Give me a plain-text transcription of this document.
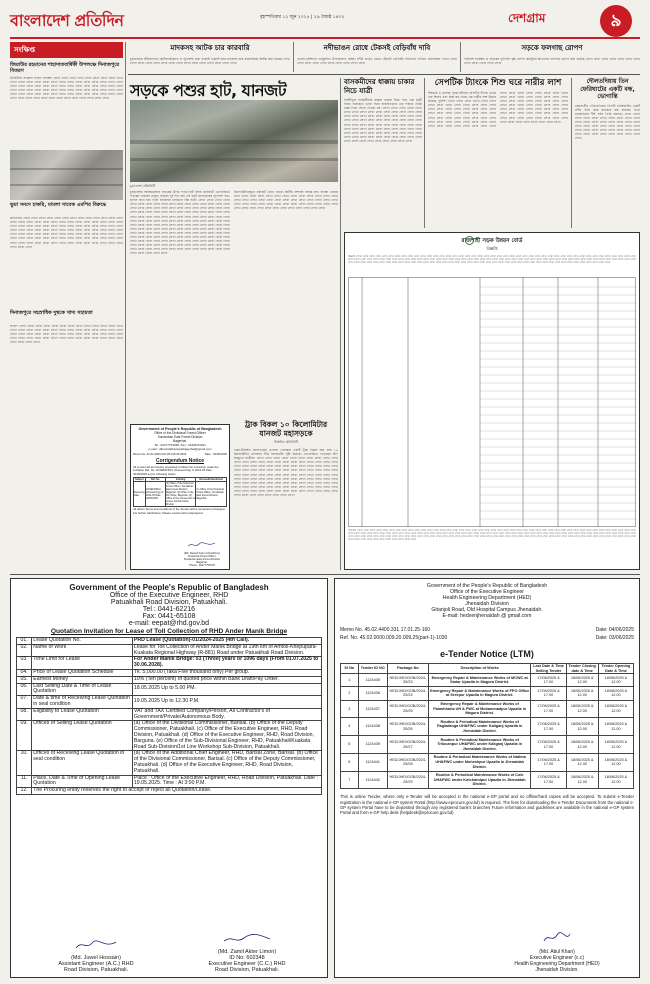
বাংলাদেশ প্রতিদিন	বৃহস্পতিবার ১২ জুন ২০২৫ | ২৯ জ্যৈষ্ঠ ১৪৩২	দেশগ্রাম	৯
সংক্ষিপ্ত
জিয়াউর রহমানের শাহাদাতবার্ষিকী উপলক্ষে দিনাজপুরে বিতরণ
ডিজিটাল সংস্করণ সংবাদ সংক্ষেপ লেখা লেখা লেখা লেখা লেখা লেখা লেখা লেখা লেখা লেখা লেখা লেখা লেখা লেখা লেখা লেখা লেখা লেখা লেখা লেখা লেখা লেখা লেখা লেখা লেখা লেখা লেখা লেখা লেখা লেখা লেখা লেখা লেখা লেখা লেখা লেখা লেখা লেখা লেখা লেখা লেখা লেখা লেখা লেখা লেখা লেখা লেখা লেখা লেখা লেখা লেখা লেখা লেখা লেখা লেখা লেখা লেখা লেখা লেখা লেখা লেখা লেখা লেখা লেখা লেখা লেখা লেখা লেখা লেখা লেখা লেখা লেখা লেখা লেখা লেখা লেখা লেখা লেখা
ভুয়া সনদে চাকরি, মামলা সাবেক এমপির বিরুদ্ধে
প্রতিবেদন লেখা লেখা লেখা লেখা লেখা লেখা লেখা লেখা লেখা লেখা লেখা লেখা লেখা লেখা লেখা লেখা লেখা লেখা লেখা লেখা লেখা লেখা লেখা লেখা লেখা লেখা লেখা লেখা লেখা লেখা লেখা লেখা লেখা লেখা লেখা লেখা লেখা লেখা লেখা লেখা লেখা লেখা লেখা লেখা লেখা লেখা লেখা লেখা লেখা লেখা লেখা লেখা লেখা লেখা লেখা লেখা লেখা লেখা লেখা লেখা লেখা লেখা লেখা লেখা লেখা লেখা লেখা লেখা লেখা লেখা লেখা লেখা লেখা লেখা লেখা লেখা লেখা লেখা লেখা লেখা লেখা লেখা লেখা লেখা লেখা লেখা লেখা লেখা লেখা লেখা লেখা লেখা লেখা লেখা লেখা লেখা লেখা লেখা লেখা লেখা
দিনাজপুরে সহস্রাধিক দুস্থকে খাদ্য সহায়তা
সংবাদ লেখা লেখা লেখা লেখা লেখা লেখা লেখা লেখা লেখা লেখা লেখা লেখা লেখা লেখা লেখা লেখা লেখা লেখা লেখা লেখা লেখা লেখা লেখা লেখা লেখা লেখা লেখা লেখা লেখা লেখা লেখা লেখা লেখা লেখা লেখা লেখা লেখা লেখা লেখা লেখা লেখা লেখা লেখা লেখা লেখা লেখা লেখা লেখা লেখা লেখা লেখা লেখা লেখা লেখা লেখা লেখা লেখা লেখা লেখা
মাদকসহ আটক চার কারবারি
চুয়াডাঙ্গার জীবননগরে মোটরসাইকেলে ও পুলিশের চেক পয়েন্টে তল্লাশি করে মাদকসহ চার কারবারিকে আটক করা হয়েছে লেখা লেখা লেখা লেখা লেখা লেখা লেখা লেখা লেখা লেখা লেখা লেখা লেখা লেখা লেখা
নদীভাঙন রোধে টেকসই বেড়িবাঁধ দাবি
ভোলা-বরিশালে তজুমদ্দিন উপজেলার মেঘনা নদীর ভাঙন রোধে টেকসই বেড়িবাঁধ নির্মাণের দাবিতে মানববন্ধন লেখা লেখা লেখা লেখা লেখা লেখা লেখা লেখা লেখা লেখা লেখা
সড়কে ফলগাছ রোপণ
পরিবেশ সংরক্ষণ ও সড়কের দুইপাশে বৃক্ষ রোপণ কর্মসূচির আওতায় ফলগাছ রোপণ করা হয়েছে লেখা লেখা লেখা লেখা লেখা লেখা লেখা লেখা লেখা লেখা লেখা লেখা
সড়কে পশুর হাট, যানজট
চুয়াডাঙ্গা প্রতিনিধি
চুয়াডাঙ্গার আলমডাঙ্গায় সড়কের উপর পশুর হাট বসায় যানজটে ভোগান্তিতে পড়ছেন সাধারণ মানুষ। সপ্তাহে দুই দিন বসা এই হাটে মহাসড়কের দুইপাশে গরু-ছাগল রাখা হয়। ফলে যানবাহন চলাচলে বিঘ্ন ঘটে। লেখা লেখা লেখা লেখা লেখা লেখা লেখা লেখা লেখা লেখা লেখা লেখা লেখা লেখা লেখা লেখা লেখা লেখা লেখা লেখা লেখা লেখা লেখা লেখা লেখা লেখা লেখা লেখা লেখা লেখা লেখা লেখা লেখা লেখা লেখা লেখা লেখা লেখা লেখা লেখা লেখা লেখা লেখা লেখা লেখা লেখা লেখা লেখা লেখা লেখা লেখা লেখা লেখা লেখা লেখা লেখা লেখা লেখা লেখা লেখা লেখা লেখা লেখা লেখা লেখা লেখা লেখা লেখা লেখা লেখা লেখা লেখা লেখা লেখা লেখা লেখা লেখা লেখা লেখা লেখা লেখা লেখা লেখা লেখা লেখা লেখা লেখা লেখা লেখা লেখা লেখা লেখা লেখা লেখা লেখা লেখা লেখা লেখা লেখা লেখা লেখা লেখা লেখা লেখা লেখা লেখা লেখা লেখা লেখা লেখা লেখা লেখা লেখা লেখা লেখা লেখা লেখা লেখা লেখা লেখা লেখা লেখা লেখা লেখা লেখা লেখা লেখা লেখা লেখা লেখা লেখা লেখা লেখা লেখা লেখা লেখা লেখা লেখা লেখা লেখা লেখা লেখা লেখা লেখা লেখা লেখা লেখা লেখা লেখা লেখা লেখা লেখা লেখা লেখা লেখা লেখা লেখা লেখা লেখা লেখা লেখা লেখা লেখা লেখা লেখা
কিলোমিটারজুড়ে যানজট লেগে থাকে। স্থানীয় প্রশাসন বলছে দ্রুত ব্যবস্থা নেওয়া হবে। লেখা লেখা লেখা লেখা লেখা লেখা লেখা লেখা লেখা লেখা লেখা লেখা লেখা লেখা লেখা লেখা লেখা লেখা লেখা লেখা লেখা লেখা লেখা লেখা লেখা লেখা লেখা লেখা লেখা লেখা লেখা লেখা লেখা লেখা লেখা লেখা লেখা লেখা লেখা লেখা লেখা লেখা লেখা লেখা লেখা লেখা লেখা লেখা লেখা লেখা
ট্রাক বিকল ১০ কিলোমিটার যানজট মহাসড়কে
টাঙ্গাইল প্রতিনিধি
ঢাকা-টাঙ্গাইল মহাসড়কের এলেঙ্গা এলাকায় একটি ট্রাক বিকল হয়ে প্রায় ১০ কিলোমিটার এলাকায় তীব্র যানজটের সৃষ্টি হয়েছে। ভোগান্তিতে পড়েছেন ঈদে ঘরমুখো যাত্রীরা। লেখা লেখা লেখা লেখা লেখা লেখা লেখা লেখা লেখা লেখা লেখা লেখা লেখা লেখা লেখা লেখা লেখা লেখা লেখা লেখা লেখা লেখা লেখা লেখা লেখা লেখা লেখা লেখা লেখা লেখা লেখা লেখা লেখা লেখা লেখা লেখা লেখা লেখা লেখা লেখা লেখা লেখা লেখা লেখা লেখা লেখা লেখা লেখা লেখা লেখা লেখা লেখা লেখা লেখা লেখা লেখা লেখা লেখা লেখা লেখা লেখা লেখা লেখা লেখা লেখা লেখা লেখা লেখা লেখা লেখা লেখা লেখা লেখা লেখা লেখা লেখা লেখা লেখা লেখা লেখা লেখা লেখা লেখা লেখা লেখা লেখা লেখা লেখা লেখা লেখা লেখা লেখা লেখা লেখা লেখা লেখা লেখা লেখা লেখা লেখা লেখা লেখা লেখা লেখা লেখা লেখা লেখা লেখা লেখা লেখা লেখা লেখা লেখা লেখা লেখা লেখা লেখা লেখা লেখা লেখা লেখা লেখা
Government of People's Republic of Bangladesh
Office of the Divisional Forest Officer
Sundarban East Forest Division
Bagerhat.
Tel : 02477751538, Fax : 04468-63231
e-mail : dfosundarbaneastbagerhat@gmail.com
Memo No: 22.01.0000.031.05.016.25.2603	Date : 04/06/2025
Corrigendum Notice
All concerned are hereby requested to follow the correction made the invitation Ref. No. 22/SEFD/RLV (Outsourcing) of 2024-25 Date : 03/06/2025 as per following status.
Subject	Ref. No.	Existing	Revised/Amendment
Recieving Date	22/SEFD/RLV (Outsourcing) of 2024-25 Date : 03/06/2025	(1) Office of the Divisional Forest Officer, Sundarban East Forest Division, Bagerhat. (2) Office of the DC Office, Bagerhat. (3) Office of the Conservator of Forest, Khulna Circle, Khulna.	(1) Office of the Divisional Forest Officer, Sundarban East Forest Division, Bagerhat.
All others Terms and conditions of the Tender will be remained unchanged. For further clarification, Please contact with undersigned.
(Md. Rezaul Karim Chowdhury)
Divisional Forest Officer
Sundarban East Forest Division
Bagerhat.
Phone : 02477751578
বাসকমীদের ধাক্কায় চাকার নিচে যাত্রী
গাজীপুরে বাসকর্মীদের ধাক্কায় চাকার নিচে পড়ে এক যাত্রী নিহত হয়েছেন। ভাড়া নিয়ে বাকবিতণ্ডার এক পর্যায়ে তাঁকে ধাক্কা দিয়ে ফেলে দেওয়া হয়। লেখা লেখা লেখা লেখা লেখা লেখা লেখা লেখা লেখা লেখা লেখা লেখা লেখা লেখা লেখা লেখা লেখা লেখা লেখা লেখা লেখা লেখা লেখা লেখা লেখা লেখা লেখা লেখা লেখা লেখা লেখা লেখা লেখা লেখা লেখা লেখা লেখা লেখা লেখা লেখা লেখা লেখা লেখা লেখা লেখা লেখা লেখা লেখা লেখা লেখা লেখা লেখা লেখা লেখা লেখা লেখা লেখা লেখা লেখা লেখা লেখা লেখা লেখা লেখা লেখা লেখা লেখা লেখা লেখা লেখা লেখা লেখা লেখা লেখা লেখা লেখা লেখা লেখা লেখা লেখা লেখা লেখা লেখা লেখা
সেপটিক ট্যাংকে শিশু ঘরে নারীর লাশ
শিবচরে ও ভাঙ্গায় পৃথক ঘটনায় সেপটিক ট্যাংক থেকে এক শিশুর এবং নিজ ঘর থেকে এক নারীর লাশ উদ্ধার করেছে পুলিশ। লেখা লেখা লেখা লেখা লেখা লেখা লেখা লেখা লেখা লেখা লেখা লেখা লেখা লেখা লেখা লেখা লেখা লেখা লেখা লেখা লেখা লেখা লেখা লেখা লেখা লেখা লেখা লেখা লেখা লেখা লেখা লেখা লেখা লেখা লেখা লেখা লেখা লেখা লেখা লেখা লেখা লেখা লেখা লেখা লেখা লেখা লেখা লেখা লেখা লেখা লেখা লেখা লেখা লেখা লেখা লেখা লেখা লেখা লেখা লেখা লেখা লেখা লেখা লেখা লেখা লেখা লেখা লেখা লেখা লেখা লেখা লেখা লেখা লেখা লেখা লেখা লেখা লেখা লেখা লেখা লেখা লেখা লেখা লেখা লেখা লেখা লেখা লেখা লেখা লেখা লেখা লেখা লেখা লেখা লেখা লেখা লেখা লেখা লেখা লেখা লেখা লেখা লেখা লেখা লেখা লেখা লেখা লেখা লেখা লেখা লেখা লেখা লেখা লেখা লেখা লেখা লেখা লেখা
দৌলতদিয়ায় তিন ফেরিঘাটের একটি বন্ধ, ভোগান্তি
রাজবাড়ীর দৌলতদিয়ায় তিনটি ফেরিঘাটের একটি নদীর পানি কমে যাওয়ায় বন্ধ রয়েছে। ফলে যানবাহনের দীর্ঘ সারি তৈরি হয়েছে। লেখা লেখা লেখা লেখা লেখা লেখা লেখা লেখা লেখা লেখা লেখা লেখা লেখা লেখা লেখা লেখা লেখা লেখা লেখা লেখা লেখা লেখা লেখা লেখা লেখা লেখা লেখা লেখা লেখা লেখা লেখা লেখা লেখা লেখা লেখা লেখা লেখা লেখা লেখা লেখা লেখা লেখা লেখা
রাজশাহী সড়ক উন্নয়ন বোর্ড
বিজ্ঞপ্তি
বিজ্ঞপ্তি লেখা লেখা লেখা লেখা লেখা লেখা লেখা লেখা লেখা লেখা লেখা লেখা লেখা লেখা লেখা লেখা লেখা লেখা লেখা লেখা লেখা লেখা লেখা লেখা লেখা লেখা লেখা লেখা লেখা লেখা লেখা লেখা লেখা লেখা লেখা লেখা লেখা লেখা লেখা লেখা লেখা লেখা লেখা লেখা লেখা লেখা লেখা লেখা লেখা লেখা লেখা লেখা লেখা লেখা লেখা লেখা লেখা লেখা লেখা লেখা লেখা লেখা লেখা লেখা লেখা লেখা লেখা লেখা লেখা লেখা লেখা লেখা লেখা লেখা লেখা লেখা লেখা লেখা লেখা লেখা লেখা লেখা লেখা লেখা লেখা লেখা লেখা লেখা লেখা লেখা লেখা লেখা লেখা লেখা লেখা লেখা লেখা লেখা লেখা লেখা লেখা লেখা লেখা লেখা লেখা লেখা লেখা লেখা লেখা লেখা লেখা লেখা লেখা লেখা লেখা লেখা লেখা লেখা লেখা লেখা লেখা লেখা লেখা লেখা লেখা লেখা লেখা লেখা লেখা লেখা লেখা লেখা
শর্তাবলি লেখা লেখা লেখা লেখা লেখা লেখা লেখা লেখা লেখা লেখা লেখা লেখা লেখা লেখা লেখা লেখা লেখা লেখা লেখা লেখা লেখা লেখা লেখা লেখা লেখা লেখা লেখা লেখা লেখা লেখা লেখা লেখা লেখা লেখা লেখা লেখা লেখা লেখা লেখা লেখা লেখা লেখা লেখা লেখা লেখা লেখা লেখা লেখা লেখা লেখা লেখা লেখা লেখা লেখা লেখা লেখা লেখা লেখা লেখা লেখা লেখা লেখা লেখা লেখা লেখা লেখা লেখা লেখা লেখা লেখা লেখা লেখা লেখা লেখা লেখা লেখা লেখা লেখা লেখা লেখা লেখা লেখা লেখা লেখা লেখা লেখা লেখা লেখা লেখা লেখা লেখা লেখা লেখা লেখা লেখা লেখা লেখা লেখা লেখা লেখা লেখা লেখা লেখা লেখা লেখা লেখা লেখা লেখা লেখা লেখা লেখা লেখা লেখা লেখা লেখা লেখা লেখা লেখা লেখা লেখা লেখা লেখা লেখা লেখা লেখা লেখা লেখা লেখা লেখা লেখা লেখা লেখা লেখা লেখা লেখা লেখা লেখা লেখা লেখা লেখা লেখা লেখা লেখা লেখা লেখা লেখা লেখা
Government of the People's Republic of Bangladesh
Office of the Executive Engineer, RHD
Patuakhali Road Division, Patuakhali.
Tel : 0441-62216
Fax: 0441-65108
e-mail: eepat@rhd.gov.bd
Quotation Invitation for Lease of Toll Collection of RHD Ander Manik Bridge
01.	Lease Quotation No.	PRD Lease (Quotation)-01/2024-2025 (4th Call).
02.	Name of Work	Lease for Toll Collection of Ander Manik Bridge at 19th km of Amtoli-Khepupara-Kuakata Regional Highway (R-881) Road under Patuakhali Road Division.
03.	Time Limit for Lease	For Ander Manik Bridge: 03 (Three) years or 1096 days (From 01.07.2025 to 30.06.2028).
04.	Price of Lease Quotation Schedule	Tk. 5,000.00 (Taka Five thousand only) Per group.
05.	Earnest Money	10% (Ten percent) of quoted price within Bank Draft/Pay Order.
06.	Last Selling Date & Time of Lease Quotation	18.05.2025 Up to 5.00 PM.
07.	Date & time of Receiving Lease Quotation in seal condition	19.05.2025 Up to 12.30 P.M.
08.	Eligibility to Lease Quotation	VAT and TAX Certified Company/Person, All Contractor's of Government/Private/Autonomous Body.
09.	Offices of Selling Lease Quotation	(a) Office of the Divisional Commissioner, Barisal. (b) Office of the Deputy Commissioner, Patuakhali. (c) Office of the Executive Engineer, RHD, Road Division, Patuakhali. (d) Office of the Executive Engineer, RHD, Road Division, Barguna. (e) Office of the Sub-Divisional Engineer, RHD, Patuakhali/Kuakata Road Sub-Division/1st Line Workshop Sub-Division, Patuakhali.
10.	Offices of Receiving Lease Quotation in seal condition	(a) Office of the Additional Chief Engineer, RHD, Barisal Zone, Barisal. (b) Office of the Divisional Commissioner, Barisal. (c) Office of the Deputy Commissioner, Patuakhali. (d) Office of the Executive Engineer, RHD, Road Division, Patuakhali.
11.	Place, Date & Time of Opening Lease Quotation	Place : Office of the Executive Engineer, RHD, Road Division, Patuakhali. Date : 19.05.2025. Time : At 3:00 P.M.
12.	The Procuring entity reserves the right to accept or reject all Quotation/Lease.	
(Md. Juwel Hossain)
Assistant Engineer (A.C.) RHD
Road Division, Patuakhali.
(Md. Zamil Akter Limon)
ID No: 602348
Executive Engineer (C.C.) RHD
Road Division, Patuakhali.
Government of the People's Republic of Bangladesh
Office of the Executive Engineer
Health Engineering Department (HED)
Jhenaidah Division
Gitanjoli Road, Old Hospital Campus Jhenaidah.
E-mail: hedxenjhenaidah @ gmail.com
Memo No. 45.02.4400.331.17.01.25-160	Date: 04/06/2025
Ref. No. 45.02.0000.009.20.009.25(part-1)-1030	Date: 03/06/2025
e-Tender Notice (LTM)
Sl No	Tender ID NO	Package No	Description of Works	Last Date & Time Selling Tender	Tender Closing date & Time	Tender Opening Date & Time
1	1124435	HED/JHD/GOB/2024-25/23	Emergency Repair & Maintenance Works of MCWC at Sadar Upazila in Magura District.	17/06/2025 & 17.00	18/06/2025 & 12.00	18/06/2025 & 12.00
2	1124436	HED/JHD/GOB/2024-25/24	Emergency Repair & Maintenance Works of FPO Office at Sreepur Upazila in Magura District.	17/06/2025 & 17.00	18/06/2025 & 12.00	18/06/2025 & 12.00
3	1124437	HED/JHD/GOB/2024-25/25	Emergency Repair & Maintenance Works of Palashbaria UH & FWC at Mohammadpur Upazila in Magura District.	17/06/2025 & 17.00	18/06/2025 & 12.00	18/06/2025 & 12.00
4	1124438	HED/JHD/GOB/2024-25/26	Routine & Periodical Maintenance Works of Pagladanga UH&FWC under Kaliganj Upazila in Jhenaidah District.	17/06/2025 & 17.00	18/06/2025 & 12.00	18/06/2025 & 12.00
5	1124439	HED/JHD/GOB/2024-25/27	Routine & Periodical Maintenance Works of Trilocanpur UH&FWC under Kaliganj Upazila in Jhenaidah District.	17/06/2025 & 17.00	18/06/2025 & 12.00	18/06/2025 & 12.00
6	1124441	HED/JHD/GOB/2024-25/28	Routine & Periodical Maintenance Works of Natima UH&FWC under Moheshpur Upazila in Jhenaidah District.	17/06/2025 & 17.00	18/06/2025 & 12.00	18/06/2025 & 12.00
7	1124442	HED/JHD/GOB/2024-25/29	Routine & Periodical Maintenance Works of Cole UH&FWC under Kotchandpur Upazila in Jhenaidah District.	17/06/2025 & 17.00	18/06/2025 & 12.00	18/06/2025 & 12.00
This is online Tender, where only e-Tender will be accepted in the national e-GP portal and no offline/hard copies will be accepted. To submit e-Tender registration in the national e-GP system Portal (http://www.eprocure.gov.bd) is required. The fees for downloading the e-Tender Documents from the national e-GP system Portal have to be deposited through any registered bank's branches Future information and guidelines are available in the national e-GP system Portal and form e-GP help desk (helpdesk@eprocure.gov.bd)
(Md. Atiul Khan)
Executive Engineer (c.c)
Health Engineering Department (HED)
Jhenaidah Division.
